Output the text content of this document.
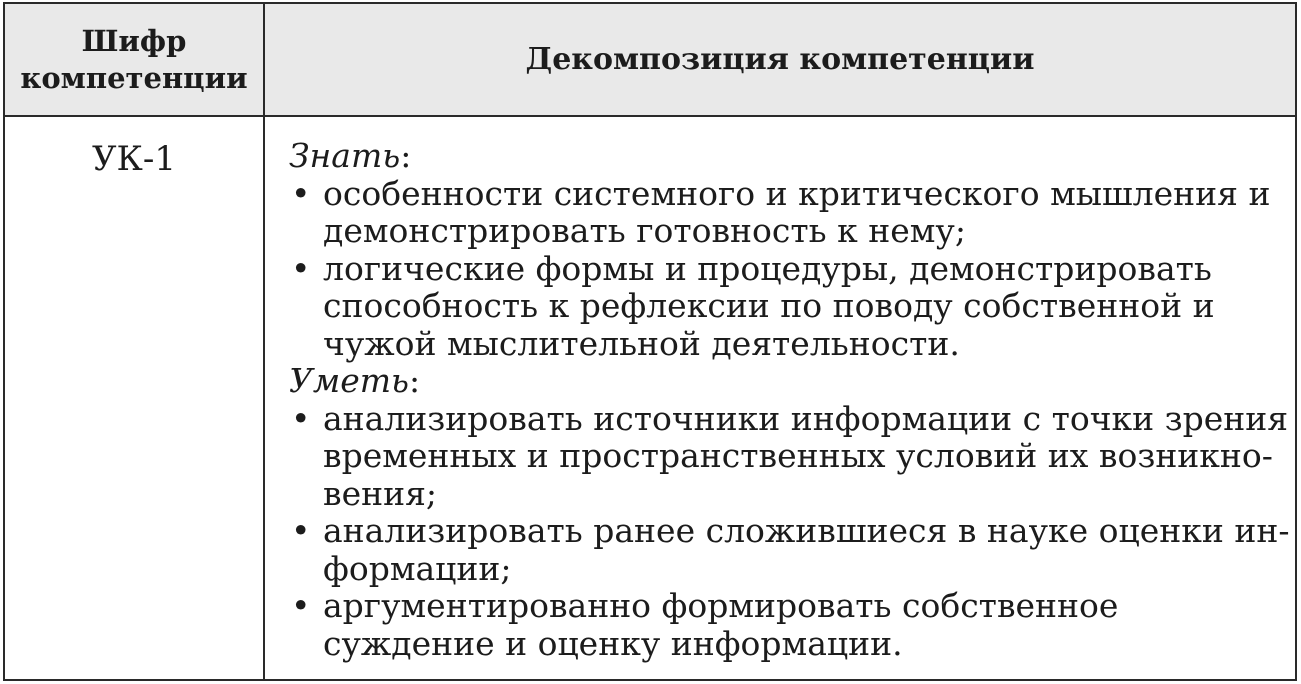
Шифр
компетенции
Декомпозиция компетенции
УК-1	Знать:
• особенности системного и критического мышления и демонстрировать готовность к нему;
• логические формы и процедуры, демонстрировать способность к рефлексии по поводу собственной и чужой мыслительной деятельности.
Уметь:
• анализировать источники информации с точки зрения временных и пространственных условий их возникно-вения;
• анализировать ранее сложившиеся в науке оценки ин-формации;
• аргументированно формировать собственное суждение и оценку информации.
